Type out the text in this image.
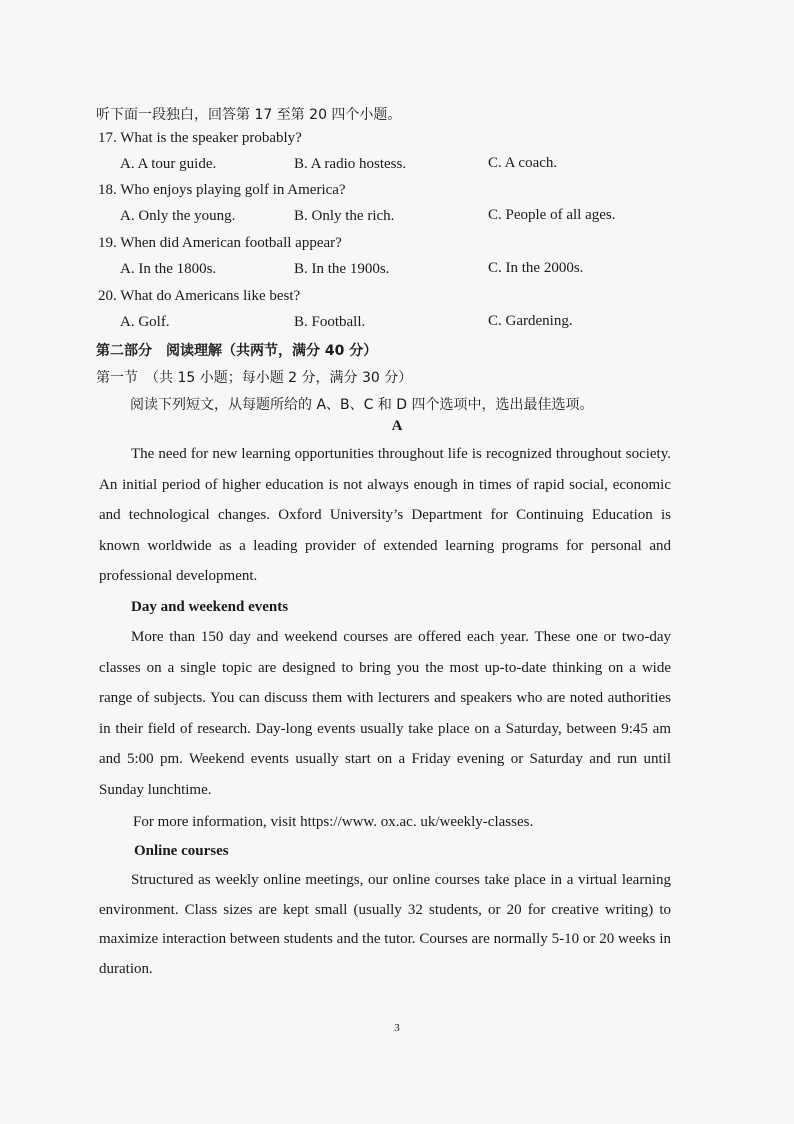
听下面一段独白，回答第 17 至第 20 四个小题。
17. What is the speaker probably?
A. A tour guide.	B. A radio hostess.	C. A coach.
18. Who enjoys playing golf in America?
A. Only the young.	B. Only the rich.	C. People of all ages.
19. When did American football appear?
A. In the 1800s.	B. In the 1900s.	C. In the 2000s.
20. What do Americans like best?
A. Golf.	B. Football.	C. Gardening.
第二部分　阅读理解（共两节，满分 40 分）
第一节　（共 15 小题；每小题 2 分，满分 30 分）
阅读下列短文，从每题所给的 A、B、C 和 D 四个选项中，选出最佳选项。
A
The need for new learning opportunities throughout life is recognized throughout society. An initial period of higher education is not always enough in times of rapid social, economic and technological changes. Oxford University’s Department for Continuing Education is known worldwide as a leading provider of extended learning programs for personal and professional development.
Day and weekend events
More than 150 day and weekend courses are offered each year. These one or two-day classes on a single topic are designed to bring you the most up-to-date thinking on a wide range of subjects. You can discuss them with lecturers and speakers who are noted authorities in their field of research. Day-long events usually take place on a Saturday, between 9:45 am and 5:00 pm. Weekend events usually start on a Friday evening or Saturday and run until Sunday lunchtime.
For more information, visit https://www. ox.ac. uk/weekly-classes.
Online courses
Structured as weekly online meetings, our online courses take place in a virtual learning environment. Class sizes are kept small (usually 32 students, or 20 for creative writing) to maximize interaction between students and the tutor. Courses are normally 5-10 or 20 weeks in duration.
3
